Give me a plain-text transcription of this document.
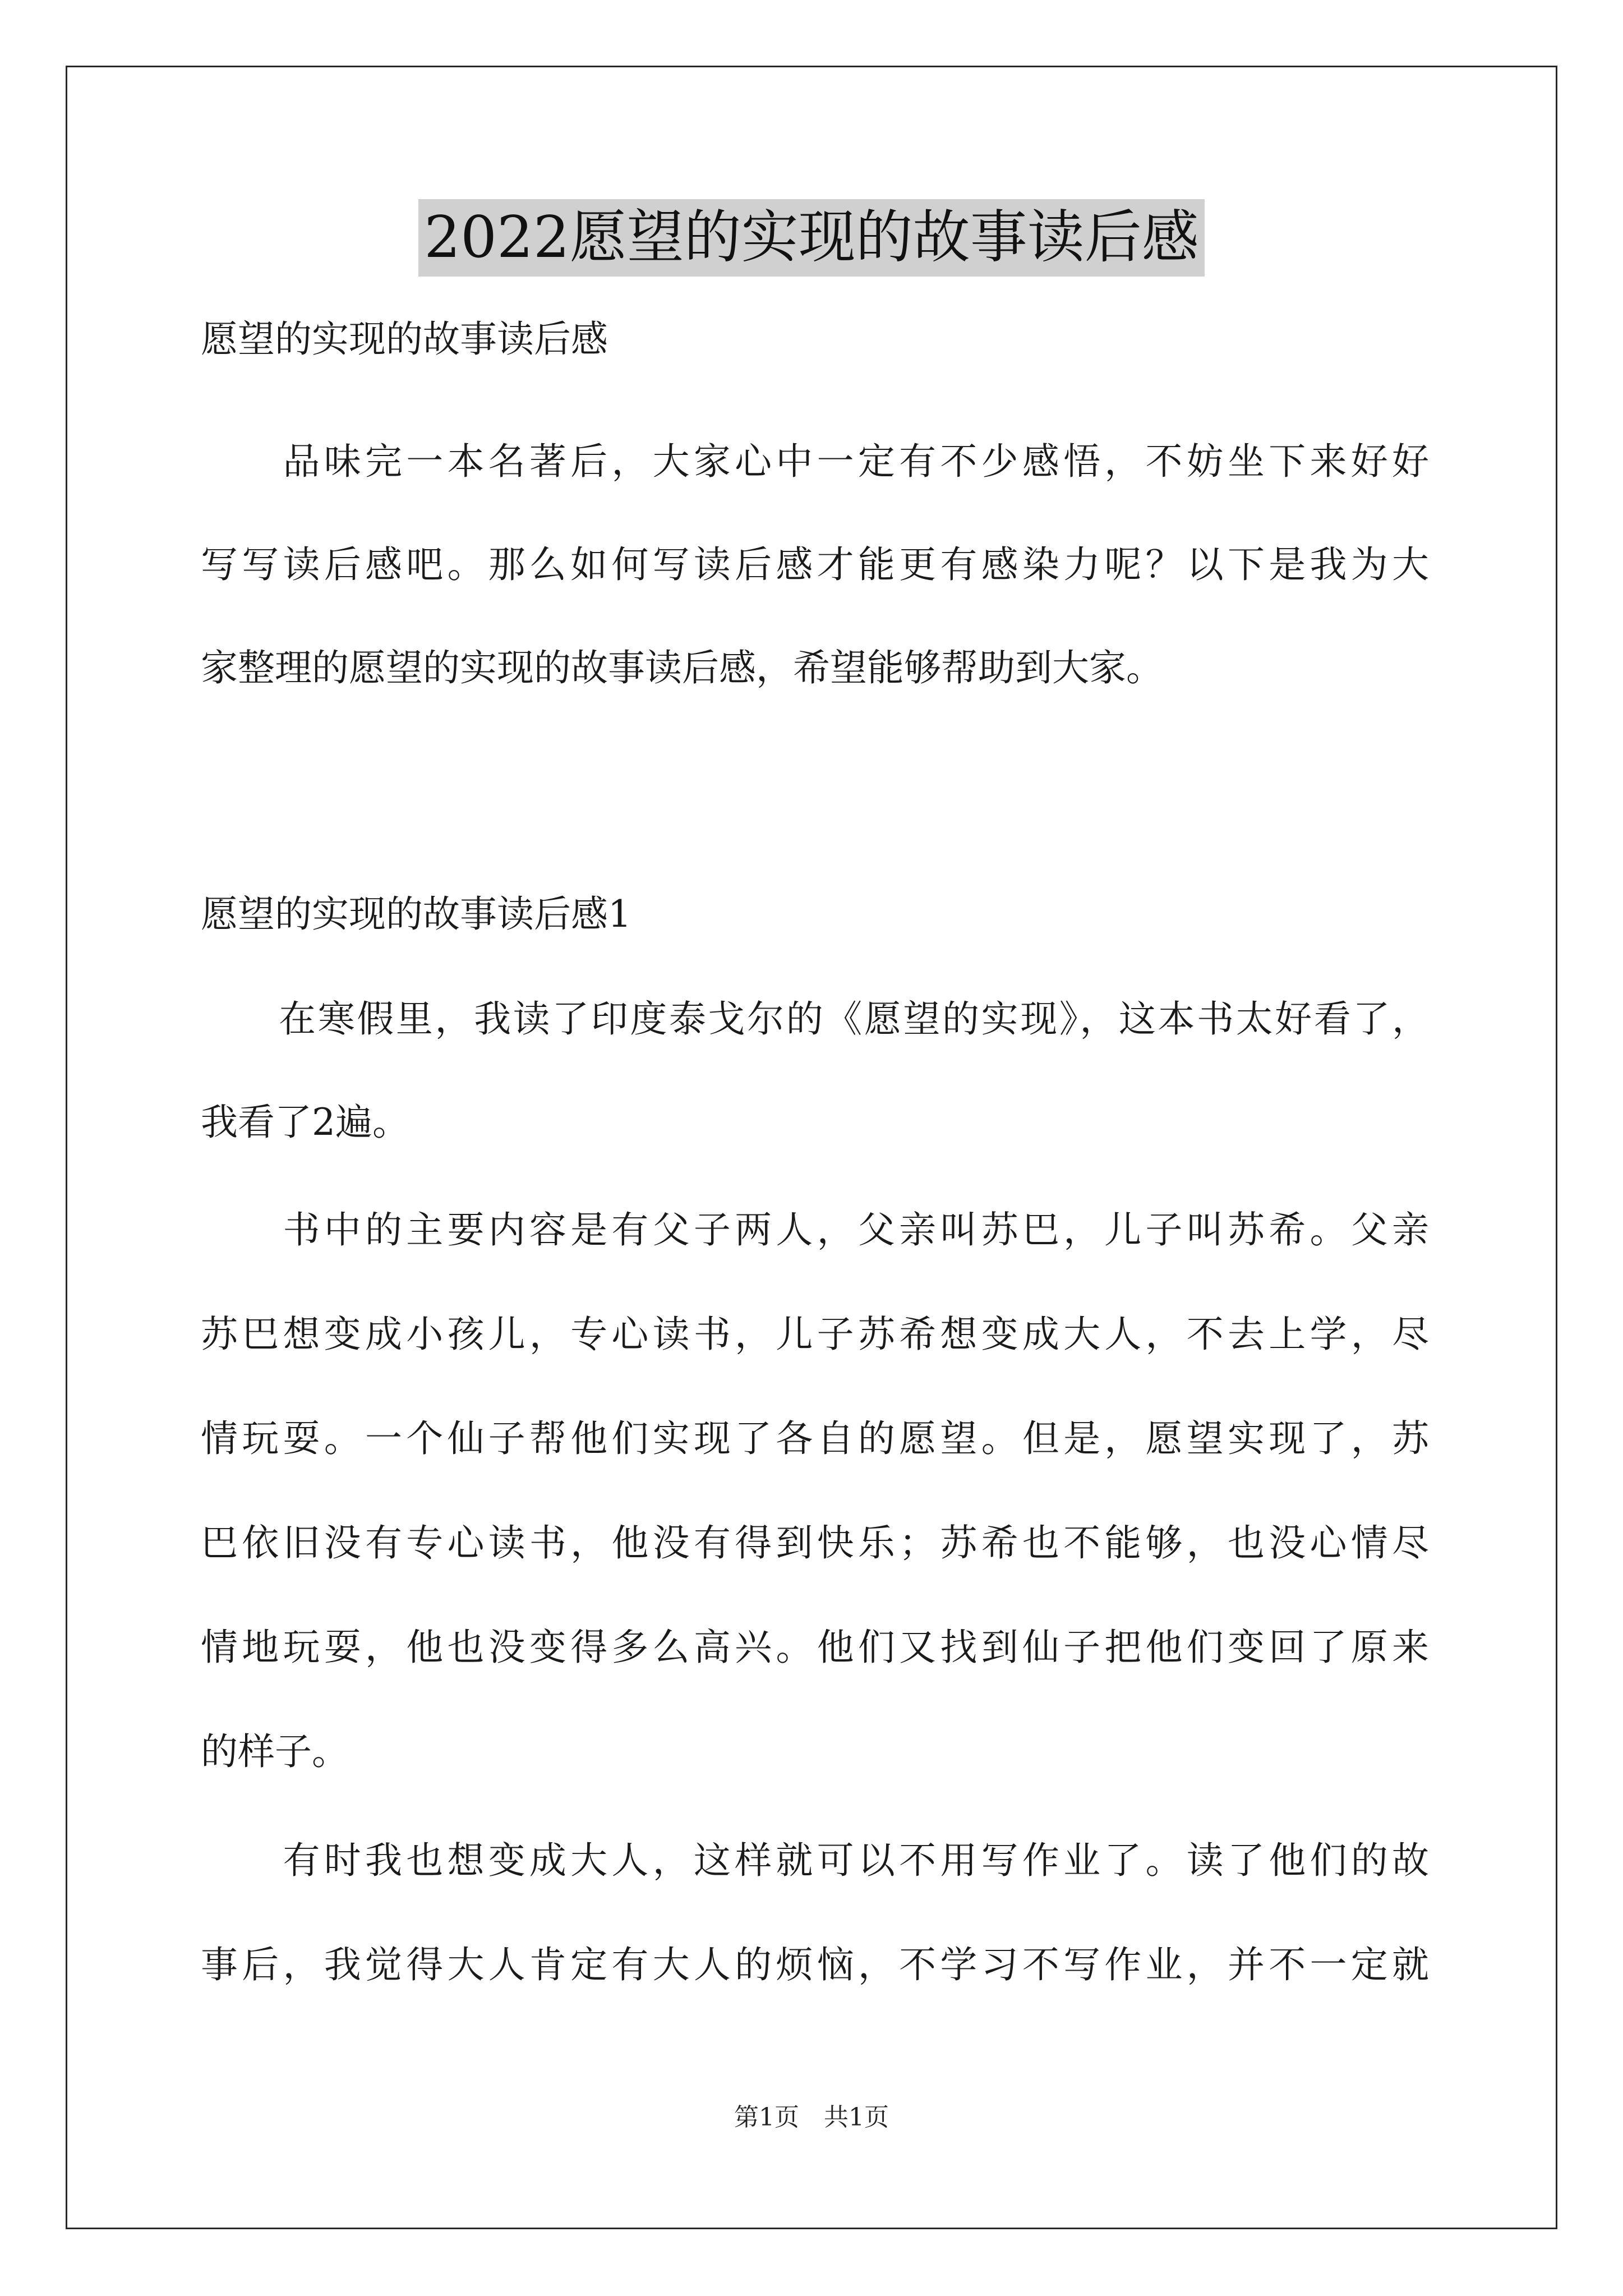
2022愿望的实现的故事读后感
愿望的实现的故事读后感
　　品味完一本名著后，大家心中一定有不少感悟，不妨坐下来好好
写写读后感吧。那么如何写读后感才能更有感染力呢？以下是我为大
家整理的愿望的实现的故事读后感，希望能够帮助到大家。
愿望的实现的故事读后感1
　　在寒假里，我读了印度泰戈尔的《愿望的实现》，这本书太好看了，
我看了2遍。
　　书中的主要内容是有父子两人，父亲叫苏巴，儿子叫苏希。父亲
苏巴想变成小孩儿，专心读书，儿子苏希想变成大人，不去上学，尽
情玩耍。一个仙子帮他们实现了各自的愿望。但是，愿望实现了，苏
巴依旧没有专心读书，他没有得到快乐；苏希也不能够，也没心情尽
情地玩耍，他也没变得多么高兴。他们又找到仙子把他们变回了原来
的样子。
　　有时我也想变成大人，这样就可以不用写作业了。读了他们的故
事后，我觉得大人肯定有大人的烦恼，不学习不写作业，并不一定就
第1页　共1页
